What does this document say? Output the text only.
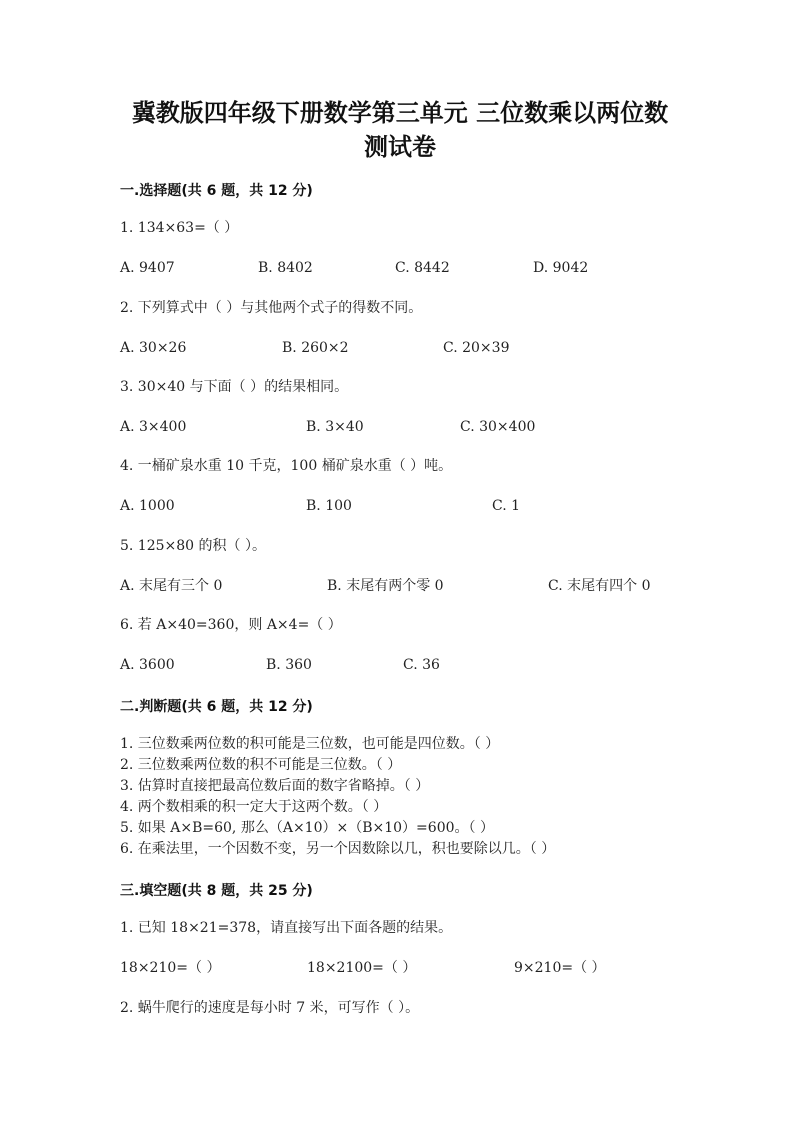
冀教版四年级下册数学第三单元 三位数乘以两位数
测试卷
一.选择题(共 6 题，共 12 分)
1. 134×63=（ ）
A. 9407	B. 8402	C. 8442	D. 9042
2. 下列算式中（ ）与其他两个式子的得数不同。
A. 30×26	B. 260×2	C. 20×39
3. 30×40 与下面（ ）的结果相同。
A. 3×400	B. 3×40	C. 30×400
4. 一桶矿泉水重 10 千克，100 桶矿泉水重（ ）吨。
A. 1000	B. 100	C. 1
5. 125×80 的积（ ）。
A. 末尾有三个 0	B. 末尾有两个零 0	C. 末尾有四个 0
6. 若 A×40=360，则 A×4=（ ）
A. 3600	B. 360	C. 36
二.判断题(共 6 题，共 12 分)
1. 三位数乘两位数的积可能是三位数，也可能是四位数。（ ）
2. 三位数乘两位数的积不可能是三位数。（ ）
3. 估算时直接把最高位数后面的数字省略掉。（ ）
4. 两个数相乘的积一定大于这两个数。（ ）
5. 如果 A×B=60, 那么（A×10）×（B×10）=600。（ ）
6. 在乘法里，一个因数不变，另一个因数除以几，积也要除以几。（ ）
三.填空题(共 8 题，共 25 分)
1. 已知 18×21=378，请直接写出下面各题的结果。
18×210=（ ）	18×2100=（ ）	9×210=（ ）
2. 蜗牛爬行的速度是每小时 7 米，可写作（ ）。
